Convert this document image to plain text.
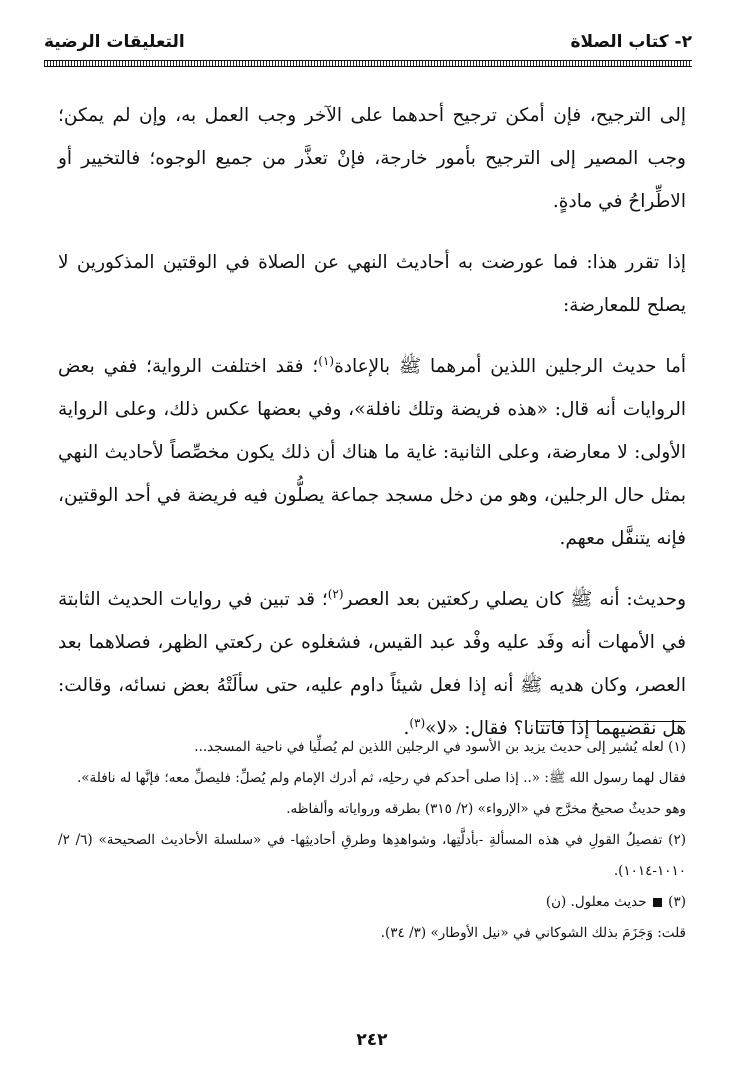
٢- كتاب الصلاة
التعليقات الرضية

إلى الترجيح، فإن أمكن ترجيح أحدهما على الآخر وجب العمل به، وإن لم يمكن؛ وجب المصير إلى الترجيح بأمور خارجة، فإنْ تعذَّر من جميع الوجوه؛ فالتخيير أو الاطِّراحُ في مادةٍ.

إذا تقرر هذا: فما عورضت به أحاديث النهي عن الصلاة في الوقتين المذكورين لا يصلح للمعارضة:

أما حديث الرجلين اللذين أمرهما ﷺ بالإعادة$^{(١)}$؛ فقد اختلفت الرواية؛ ففي بعض الروايات أنه قال: «هذه فريضة وتلك نافلة»، وفي بعضها عكس ذلك، وعلى الرواية الأولى: لا معارضة، وعلى الثانية: غاية ما هناك أن ذلك يكون مخصِّصاً لأحاديث النهي بمثل حال الرجلين، وهو من دخل مسجد جماعة يصلُّون فيه فريضة في أحد الوقتين، فإنه يتنفَّل معهم.

وحديث: أنه ﷺ كان يصلي ركعتين بعد العصر$^{(٢)}$؛ قد تبين في روايات الحديث الثابتة في الأمهات أنه وفَد عليه وفْد عبد القيس، فشغلوه عن ركعتي الظهر، فصلاهما بعد العصر، وكان هديه ﷺ أنه إذا فعل شيئاً داوم عليه، حتى سألَتْهُ بعض نسائه، وقالت: هل نقضيهما إذا فاتتانا؟ فقال: «لا»$^{(٣)}$.

(١) لعله يُشير إلى حديث يزيد بن الأسود في الرجلين اللذين لم يُصلِّيا في ناحية المسجد...

فقال لهما رسول الله ﷺ: «.. إذا صلى أحدكم في رحلِه، ثم أدرك الإمام ولم يُصلِّ: فليصلِّ معه؛ فإنَّها له نافلة».

وهو حديثٌ صحيحٌ مخرَّج في «الإرواء» (٢/ ٣١٥) بطرقه ورواياته وألفاظه.

(٢) تفصيلُ القولِ في هذه المسألةِ -بأدلَّتِها، وشواهدِها وطرقِ أحاديثِها- في «سلسلة الأحاديث الصحيحة» (٦/ ٢/ ١٠١٠-١٠١٤).

(٣)  حديث معلول. (ن)

قلت: وَجَزَمَ بذلك الشوكاني في «نيل الأوطار» (٣/ ٣٤).

٢٤٢
